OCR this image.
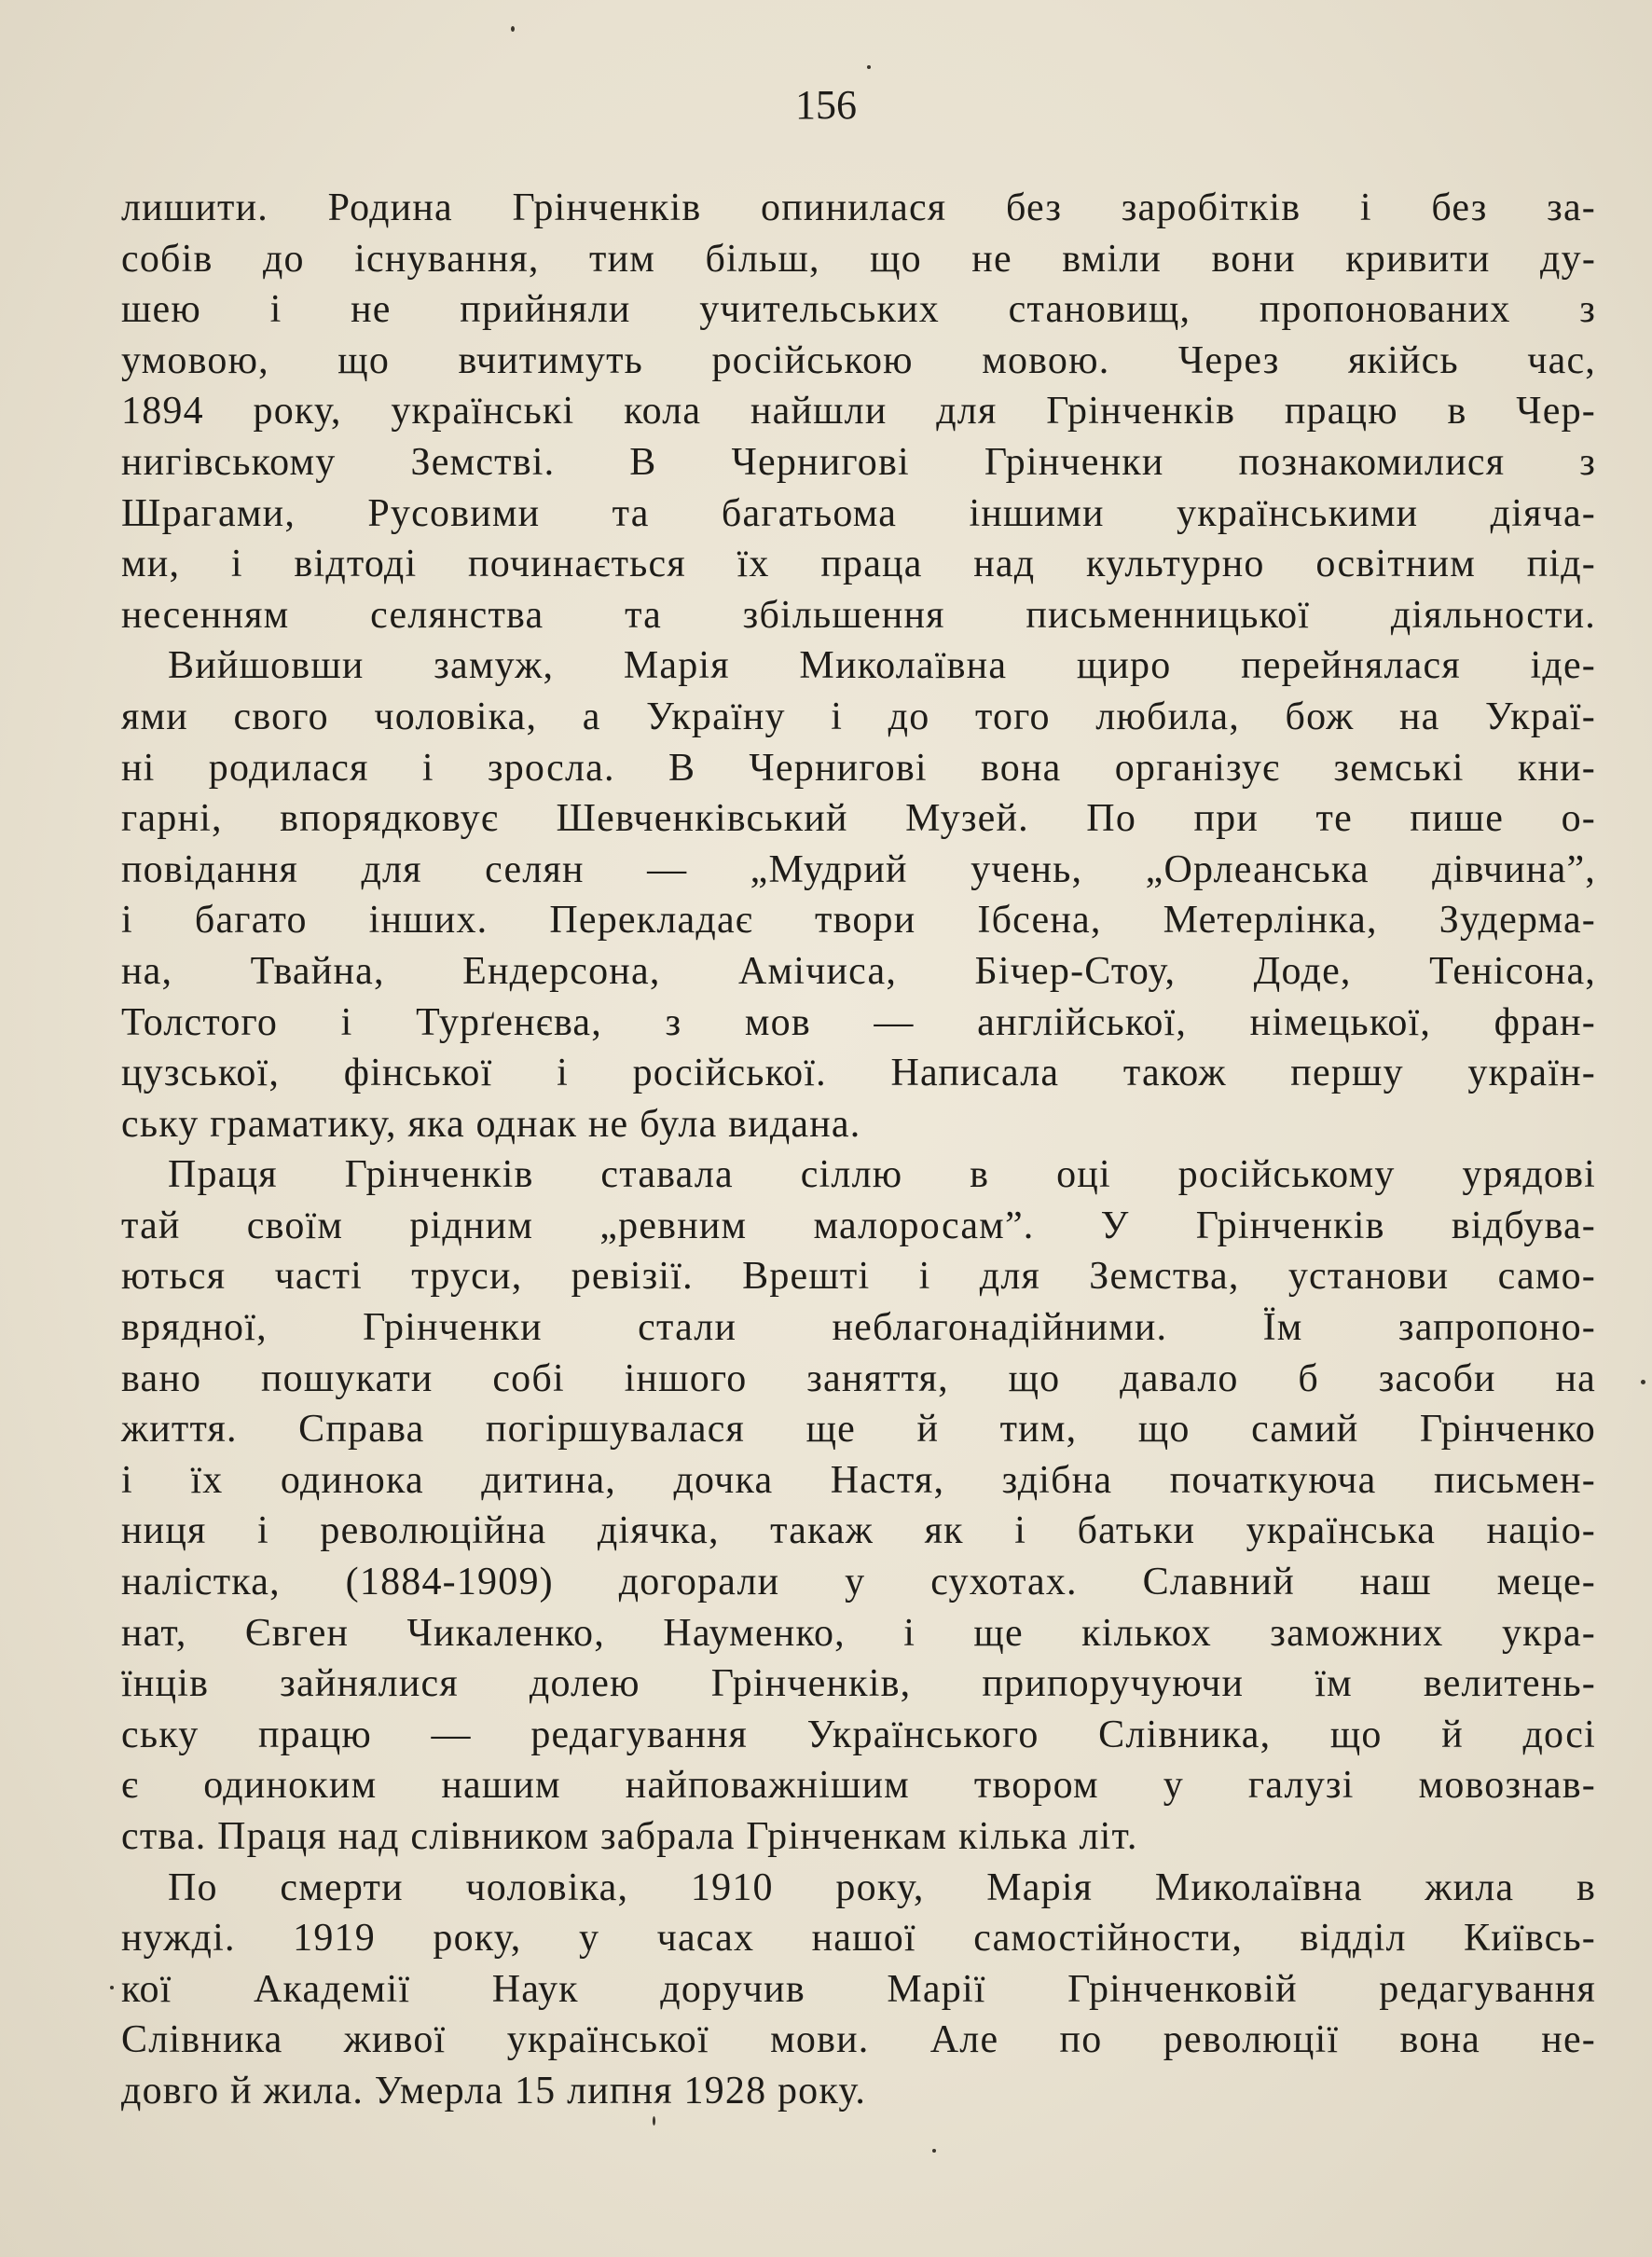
156
лишити. Родина Грінченків опинилася без заробітків і без за-
собів до існування, тим більш, що не вміли вони кривити ду-
шею і не прийняли учительських становищ, пропонованих з
умовою, що вчитимуть російською мовою. Через якійсь час,
1894 року, українські кола найшли для Грінченків працю в Чер-
нигівському Земстві. В Чернигові Грінченки познакомилися з
Шрагами, Русовими та багатьома іншими українськими діяча-
ми, і відтоді починається їх праца над культурно освітним під-
несенням селянства та збільшення письменницької діяльности.
Вийшовши замуж, Марія Миколаївна щиро перейнялася іде-
ями свого чоловіка, а Україну і до того любила, бож на Украї-
ні родилася і зросла. В Чернигові вона організує земські кни-
гарні, впорядковує Шевченківський Музей. По при те пише о-
повідання для селян — „Мудрий учень, „Орлеанська дівчина”,
і багато інших. Перекладає твори Ібсена, Метерлінка, Зудерма-
на, Твайна, Ендерсона, Амічиса, Бічер-Стоу, Доде, Тенісона,
Толстого і Турґенєва, з мов — англійської, німецької, фран-
цузської, фінської і російської. Написала також першу україн-
ську граматику, яка однак не була видана.
Праця Грінченків ставала сіллю в оці російському урядові
тай своїм рідним „ревним малоросам”. У Грінченків відбува-
ються часті труси, ревізії. Врешті і для Земства, установи само-
врядної, Грінченки стали неблагонадійними. Їм запропоно-
вано пошукати собі іншого заняття, що давало б засоби на
життя. Справа погіршувалася ще й тим, що самий Грінченко
і їх одинока дитина, дочка Настя, здібна початкуюча письмен-
ниця і революційна діячка, такаж як і батьки українська націо-
налістка, (1884-1909) догорали у сухотах. Славний наш мецe-
нат, Євген Чикаленко, Науменко, і ще кількох заможних укра-
їнців зайнялися долею Грінченків, припоручуючи їм велитень-
ську працю — редагування Українського Слівника, що й досі
є одиноким нашим найповажнішим твором у галузі мовознав-
ства. Праця над слівником забрала Грінченкам кілька літ.
По смерти чоловіка, 1910 року, Марія Миколаївна жила в
нужді. 1919 року, у часах нашої самостійности, відділ Київсь-
кої Академії Наук доручив Марії Грінченковій редагування
Слівника живої української мови. Але по революції вона не-
довго й жила. Умерла 15 липня 1928 року.
